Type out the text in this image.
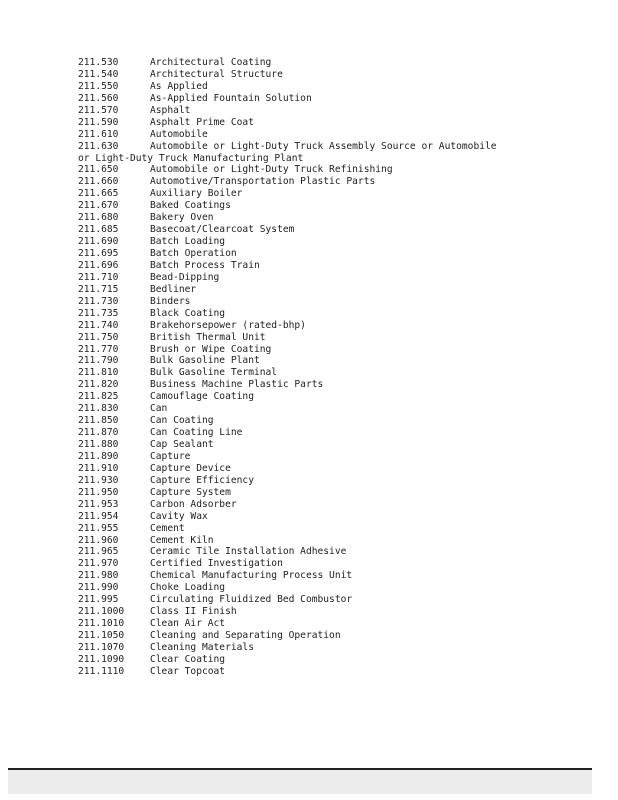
211.530	Architectural Coating
211.540	Architectural Structure
211.550	As Applied
211.560	As-Applied Fountain Solution
211.570	Asphalt
211.590	Asphalt Prime Coat
211.610	Automobile
211.630	Automobile or Light-Duty Truck Assembly Source or Automobile
or Light-Duty Truck Manufacturing Plant
211.650	Automobile or Light-Duty Truck Refinishing
211.660	Automotive/Transportation Plastic Parts
211.665	Auxiliary Boiler
211.670	Baked Coatings
211.680	Bakery Oven
211.685	Basecoat/Clearcoat System
211.690	Batch Loading
211.695	Batch Operation
211.696	Batch Process Train
211.710	Bead-Dipping
211.715	Bedliner
211.730	Binders
211.735	Black Coating
211.740	Brakehorsepower (rated-bhp)
211.750	British Thermal Unit
211.770	Brush or Wipe Coating
211.790	Bulk Gasoline Plant
211.810	Bulk Gasoline Terminal
211.820	Business Machine Plastic Parts
211.825	Camouflage Coating
211.830	Can
211.850	Can Coating
211.870	Can Coating Line
211.880	Cap Sealant
211.890	Capture
211.910	Capture Device
211.930	Capture Efficiency
211.950	Capture System
211.953	Carbon Adsorber
211.954	Cavity Wax
211.955	Cement
211.960	Cement Kiln
211.965	Ceramic Tile Installation Adhesive
211.970	Certified Investigation
211.980	Chemical Manufacturing Process Unit
211.990	Choke Loading
211.995	Circulating Fluidized Bed Combustor
211.1000	Class II Finish
211.1010	Clean Air Act
211.1050	Cleaning and Separating Operation
211.1070	Cleaning Materials
211.1090	Clear Coating
211.1110	Clear Topcoat
